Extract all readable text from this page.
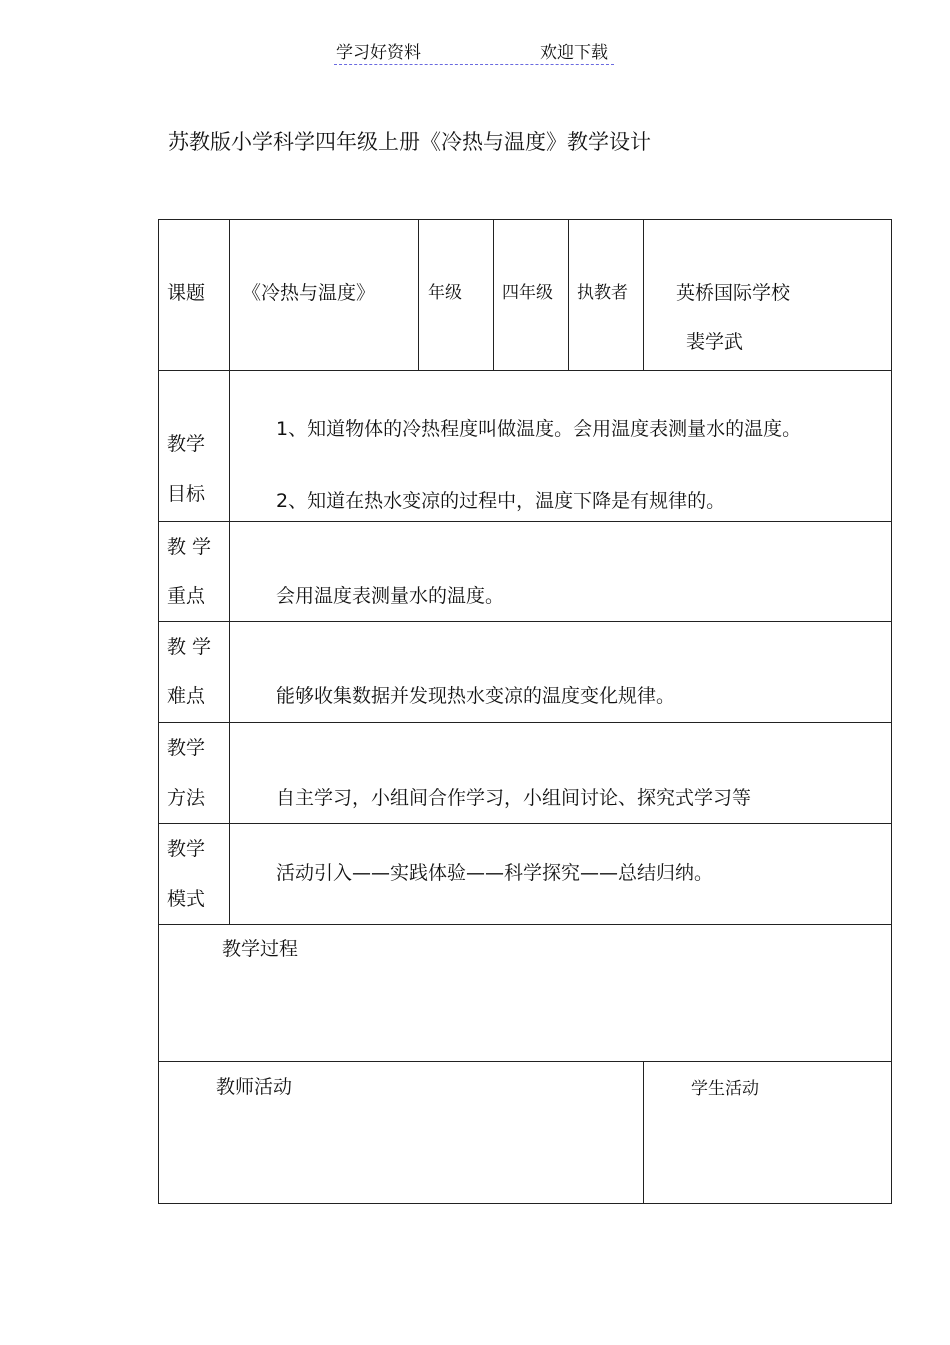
学习好资料	欢迎下载
苏教版小学科学四年级上册《冷热与温度》教学设计
课题	《冷热与温度》	年级	四年级	执教者	英桥国际学校
裴学武

教学
目标	1、知道物体的冷热程度叫做温度。会用温度表测量水的温度。
2、知道在热水变凉的过程中，温度下降是有规律的。				

教 学
重点	会用温度表测量水的温度。				

教 学
难点	能够收集数据并发现热水变凉的温度变化规律。				

教学
方法	自主学习，小组间合作学习，小组间讨论、探究式学习等				

教学
模式	活动引入——实践体验——科学探究——总结归纳。				

教学过程					

教师活动					学生活动
